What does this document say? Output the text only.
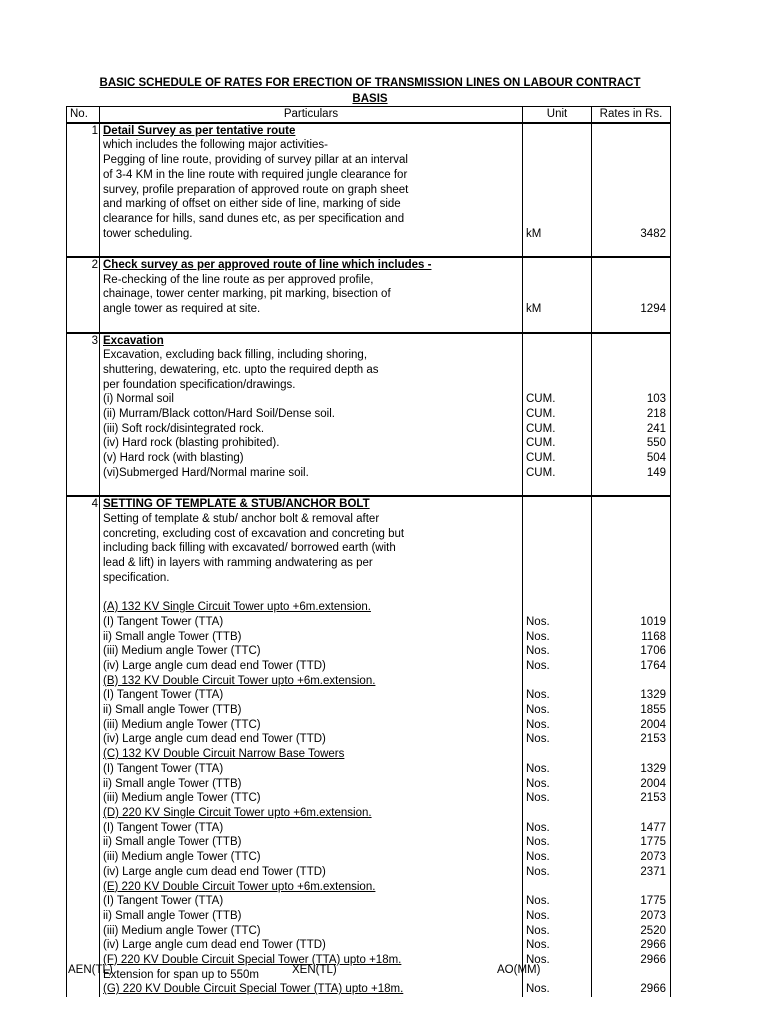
BASIC SCHEDULE OF RATES FOR ERECTION OF TRANSMISSION LINES ON LABOUR CONTRACT
BASIS
No.	Particulars	Unit	Rates in Rs.
1	Detail Survey as per tentative route		
	which includes the following major activities-		
	Pegging of line route, providing of survey pillar at an interval		
	of 3-4 KM in the line route with required jungle clearance for		
	survey, profile preparation of approved route on graph sheet		
	and marking of offset on either side of line, marking of side		
	clearance for hills, sand dunes etc, as per specification and		
	tower scheduling.	kM	3482

2	Check survey as per approved route of line which includes -		
	Re-checking of the line route as per approved profile,		
	chainage, tower center marking, pit marking, bisection of		
	angle tower as required at site.	kM	1294

3	Excavation		
	Excavation, excluding back filling, including shoring,		
	shuttering, dewatering, etc. upto the required depth as		
	per foundation specification/drawings.		
	(i) Normal soil	CUM.	103
	(ii) Murram/Black cotton/Hard Soil/Dense soil.	CUM.	218
	(iii) Soft rock/disintegrated rock.	CUM.	241
	(iv) Hard rock (blasting prohibited).	CUM.	550
	(v) Hard rock (with blasting)	CUM.	504
	(vi)Submerged Hard/Normal marine soil.	CUM.	149

4	SETTING OF TEMPLATE & STUB/ANCHOR BOLT		
	Setting of template & stub/ anchor bolt & removal after		
	concreting, excluding cost of excavation and concreting but		
	including back filling with excavated/ borrowed earth (with		
	lead & lift) in layers with ramming andwatering as per		
	specification.		

	(A) 132 KV Single Circuit Tower upto +6m.extension.		
	(I) Tangent Tower (TTA)	Nos.	1019
	ii) Small angle Tower (TTB)	Nos.	1168
	(iii) Medium angle Tower (TTC)	Nos.	1706
	(iv) Large angle cum dead end Tower (TTD)	Nos.	1764
	(B) 132 KV Double Circuit Tower upto +6m.extension.		
	(I) Tangent Tower (TTA)	Nos.	1329
	ii) Small angle Tower (TTB)	Nos.	1855
	(iii) Medium angle Tower (TTC)	Nos.	2004
	(iv) Large angle cum dead end Tower (TTD)	Nos.	2153
	(C) 132 KV Double Circuit Narrow Base Towers		
	(I) Tangent Tower (TTA)	Nos.	1329
	ii) Small angle Tower (TTB)	Nos.	2004
	(iii) Medium angle Tower (TTC)	Nos.	2153
	(D) 220 KV Single Circuit Tower upto +6m.extension.		
	(I) Tangent Tower (TTA)	Nos.	1477
	ii) Small angle Tower (TTB)	Nos.	1775
	(iii) Medium angle Tower (TTC)	Nos.	2073
	(iv) Large angle cum dead end Tower (TTD)	Nos.	2371
	(E) 220 KV Double Circuit Tower upto +6m.extension.		
	(I) Tangent Tower (TTA)	Nos.	1775
	ii) Small angle Tower (TTB)	Nos.	2073
	(iii) Medium angle Tower (TTC)	Nos.	2520
	(iv) Large angle cum dead end Tower (TTD)	Nos.	2966
	(F) 220 KV Double Circuit Special Tower (TTA) upto +18m.	Nos.	2966
	Extension for span up to 550m		
	(G) 220 KV Double Circuit Special Tower (TTA) upto +18m.	Nos.	2966
AEN(TL)	XEN(TL)	AO(MM)
